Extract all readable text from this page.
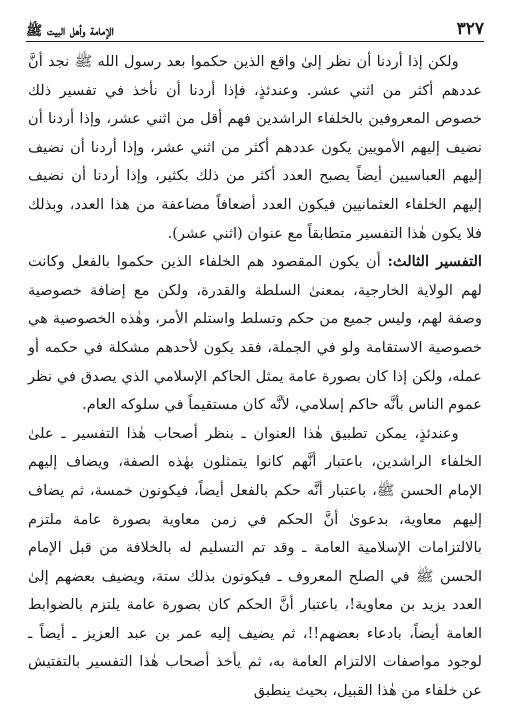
٣٢٧
الإمامة وأهل البيت ﷺ

ولكن إذا أردنا أن نظر إلىٰ واقع الذين حكموا بعد رسول الله ﷺ نجد أنَّ عددهم أكثر من اثني عشر. وعندئذٍ، فإذا أردنا أن نأخذ في تفسير ذلك خصوص المعروفين بالخلفاء الراشدين فهم أقل من اثني عشر، وإذا أردنا أن نضيف إليهم الأمويين يكون عددهم أكثر من اثني عشر، وإذا أردنا أن نضيف إليهم العباسيين أيضاً يصبح العدد أكثر من ذلك بكثير، وإذا أردنا أن نضيف إليهم الخلفاء العثمانيين فيكون العدد أضعافاً مضاعفة من هذا العدد، وبذلك فلا يكون هٰذا التفسير متطابقاً مع عنوان (اثني عشر).

التفسير الثالث: أن يكون المقصود هم الخلفاء الذين حكموا بالفعل وكانت لهم الولاية الخارجية، بمعنىٰ السلطة والقدرة، ولكن مع إضافة خصوصية وصفة لهم، وليس جميع من حكم وتسلط واستلم الأمر، وهٰذه الخصوصية هي خصوصية الاستقامة ولو في الجملة، فقد يكون لأحدهم مشكلة في حكمه أو عمله، ولكن إذا كان بصورة عامة يمثل الحاكم الإسلامي الذي يصدق في نظر عموم الناس بأنَّه حاكم إسلامي، لأنَّه كان مستقيماً في سلوكه العام.

وعندئذٍ، يمكن تطبيق هٰذا العنوان ـ بنظر أصحاب هٰذا التفسير ـ علىٰ الخلفاء الراشدين، باعتبار أنَّهم كانوا يتمثلون بهٰذه الصفة، ويضاف إليهم الإمام الحسن ﷺ، باعتبار أنَّه حكم بالفعل أيضاً، فيكونون خمسة، ثم يضاف إليهم معاوية، بدعوىٰ أنَّ الحكم في زمن معاوية بصورة عامة ملتزم بالالتزامات الإسلامية العامة ـ وقد تم التسليم له بالخلافة من قبل الإمام الحسن ﷺ في الصلح المعروف ـ فيكونون بذلك ستة، ويضيف بعضهم إلىٰ العدد يزيد بن معاوية!، باعتبار أنَّ الحكم كان بصورة عامة يلتزم بالضوابط العامة أيضاً، بادعاء بعضهم!!، ثم يضيف إليه عمر بن عبد العزيز ـ أيضاً ـ لوجود مواصفات الالتزام العامة به، ثم يأخذ أصحاب هٰذا التفسير بالتفتيش عن خلفاء من هٰذا القبيل، بحيث ينطبق
